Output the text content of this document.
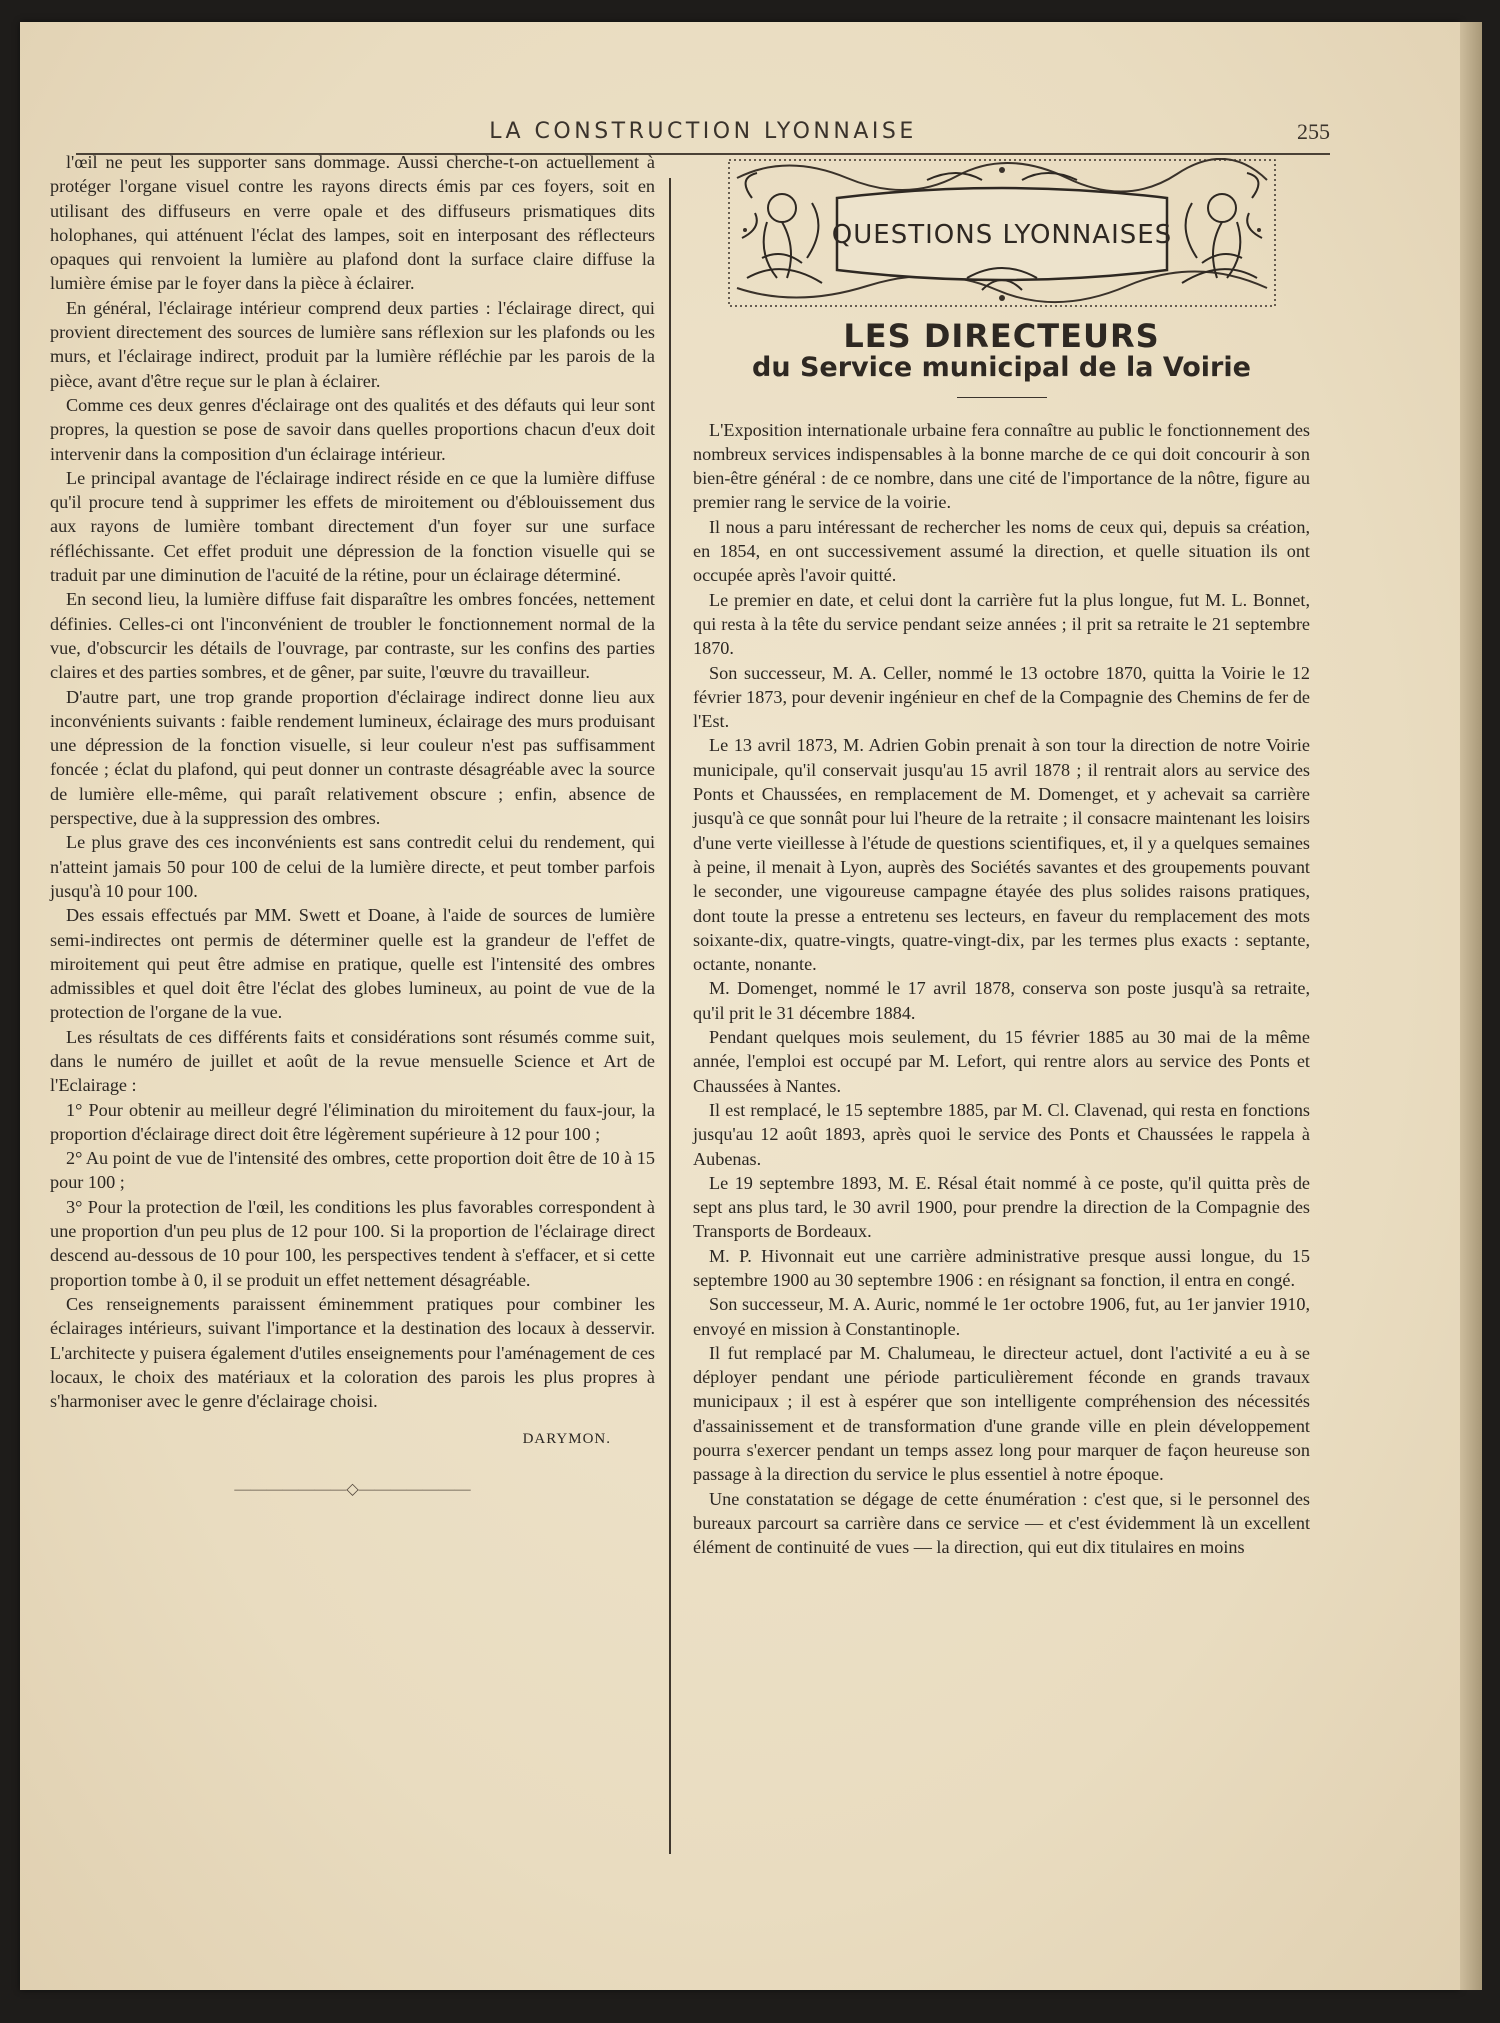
LA CONSTRUCTION LYONNAISE	255

l'œil ne peut les supporter sans dommage. Aussi cherche-t-on actuellement à protéger l'organe visuel contre les rayons directs émis par ces foyers, soit en utilisant des diffuseurs en verre opale et des diffuseurs prismatiques dits holophanes, qui atténuent l'éclat des lampes, soit en interposant des réflecteurs opaques qui renvoient la lumière au plafond dont la surface claire diffuse la lumière émise par le foyer dans la pièce à éclairer.

En général, l'éclairage intérieur comprend deux parties : l'éclairage direct, qui provient directement des sources de lumière sans réflexion sur les plafonds ou les murs, et l'éclairage indirect, produit par la lumière réfléchie par les parois de la pièce, avant d'être reçue sur le plan à éclairer.

Comme ces deux genres d'éclairage ont des qualités et des défauts qui leur sont propres, la question se pose de savoir dans quelles proportions chacun d'eux doit intervenir dans la composition d'un éclairage intérieur.

Le principal avantage de l'éclairage indirect réside en ce que la lumière diffuse qu'il procure tend à supprimer les effets de miroitement ou d'éblouissement dus aux rayons de lumière tombant directement d'un foyer sur une surface réfléchissante. Cet effet produit une dépression de la fonction visuelle qui se traduit par une diminution de l'acuité de la rétine, pour un éclairage déterminé.

En second lieu, la lumière diffuse fait disparaître les ombres foncées, nettement définies. Celles-ci ont l'inconvénient de troubler le fonctionnement normal de la vue, d'obscurcir les détails de l'ouvrage, par contraste, sur les confins des parties claires et des parties sombres, et de gêner, par suite, l'œuvre du travailleur.

D'autre part, une trop grande proportion d'éclairage indirect donne lieu aux inconvénients suivants : faible rendement lumineux, éclairage des murs produisant une dépression de la fonction visuelle, si leur couleur n'est pas suffisamment foncée ; éclat du plafond, qui peut donner un contraste désagréable avec la source de lumière elle-même, qui paraît relativement obscure ; enfin, absence de perspective, due à la suppression des ombres.

Le plus grave des ces inconvénients est sans contredit celui du rendement, qui n'atteint jamais 50 pour 100 de celui de la lumière directe, et peut tomber parfois jusqu'à 10 pour 100.

Des essais effectués par MM. Swett et Doane, à l'aide de sources de lumière semi-indirectes ont permis de déterminer quelle est la grandeur de l'effet de miroitement qui peut être admise en pratique, quelle est l'intensité des ombres admissibles et quel doit être l'éclat des globes lumineux, au point de vue de la protection de l'organe de la vue.

Les résultats de ces différents faits et considérations sont résumés comme suit, dans le numéro de juillet et août de la revue mensuelle Science et Art de l'Eclairage :

1° Pour obtenir au meilleur degré l'élimination du miroitement du faux-jour, la proportion d'éclairage direct doit être légèrement supérieure à 12 pour 100 ;

2° Au point de vue de l'intensité des ombres, cette proportion doit être de 10 à 15 pour 100 ;

3° Pour la protection de l'œil, les conditions les plus favorables correspondent à une proportion d'un peu plus de 12 pour 100. Si la proportion de l'éclairage direct descend au-dessous de 10 pour 100, les perspectives tendent à s'effacer, et si cette proportion tombe à 0, il se produit un effet nettement désagréable.

Ces renseignements paraissent éminemment pratiques pour combiner les éclairages intérieurs, suivant l'importance et la destination des locaux à desservir. L'architecte y puisera également d'utiles enseignements pour l'aménagement de ces locaux, le choix des matériaux et la coloration des parois les plus propres à s'harmoniser avec le genre d'éclairage choisi.

DARYMON.

———————◇———————

QUESTIONS LYONNAISES
LES DIRECTEURS
du Service municipal de la Voirie

L'Exposition internationale urbaine fera connaître au public le fonctionnement des nombreux services indispensables à la bonne marche de ce qui doit concourir à son bien-être général : de ce nombre, dans une cité de l'importance de la nôtre, figure au premier rang le service de la voirie.

Il nous a paru intéressant de rechercher les noms de ceux qui, depuis sa création, en 1854, en ont successivement assumé la direction, et quelle situation ils ont occupée après l'avoir quitté.

Le premier en date, et celui dont la carrière fut la plus longue, fut M. L. Bonnet, qui resta à la tête du service pendant seize années ; il prit sa retraite le 21 septembre 1870.

Son successeur, M. A. Celler, nommé le 13 octobre 1870, quitta la Voirie le 12 février 1873, pour devenir ingénieur en chef de la Compagnie des Chemins de fer de l'Est.

Le 13 avril 1873, M. Adrien Gobin prenait à son tour la direction de notre Voirie municipale, qu'il conservait jusqu'au 15 avril 1878 ; il rentrait alors au service des Ponts et Chaussées, en remplacement de M. Domenget, et y achevait sa carrière jusqu'à ce que sonnât pour lui l'heure de la retraite ; il consacre maintenant les loisirs d'une verte vieillesse à l'étude de questions scientifiques, et, il y a quelques semaines à peine, il menait à Lyon, auprès des Sociétés savantes et des groupements pouvant le seconder, une vigoureuse campagne étayée des plus solides raisons pratiques, dont toute la presse a entretenu ses lecteurs, en faveur du remplacement des mots soixante-dix, quatre-vingts, quatre-vingt-dix, par les termes plus exacts : septante, octante, nonante.

M. Domenget, nommé le 17 avril 1878, conserva son poste jusqu'à sa retraite, qu'il prit le 31 décembre 1884.

Pendant quelques mois seulement, du 15 février 1885 au 30 mai de la même année, l'emploi est occupé par M. Lefort, qui rentre alors au service des Ponts et Chaussées à Nantes.

Il est remplacé, le 15 septembre 1885, par M. Cl. Clavenad, qui resta en fonctions jusqu'au 12 août 1893, après quoi le service des Ponts et Chaussées le rappela à Aubenas.

Le 19 septembre 1893, M. E. Résal était nommé à ce poste, qu'il quitta près de sept ans plus tard, le 30 avril 1900, pour prendre la direction de la Compagnie des Transports de Bordeaux.

M. P. Hivonnait eut une carrière administrative presque aussi longue, du 15 septembre 1900 au 30 septembre 1906 : en résignant sa fonction, il entra en congé.

Son successeur, M. A. Auric, nommé le 1er octobre 1906, fut, au 1er janvier 1910, envoyé en mission à Constantinople.

Il fut remplacé par M. Chalumeau, le directeur actuel, dont l'activité a eu à se déployer pendant une période particulièrement féconde en grands travaux municipaux ; il est à espérer que son intelligente compréhension des nécessités d'assainissement et de transformation d'une grande ville en plein développement pourra s'exercer pendant un temps assez long pour marquer de façon heureuse son passage à la direction du service le plus essentiel à notre époque.

Une constatation se dégage de cette énumération : c'est que, si le personnel des bureaux parcourt sa carrière dans ce service — et c'est évidemment là un excellent élément de continuité de vues — la direction, qui eut dix titulaires en moins
